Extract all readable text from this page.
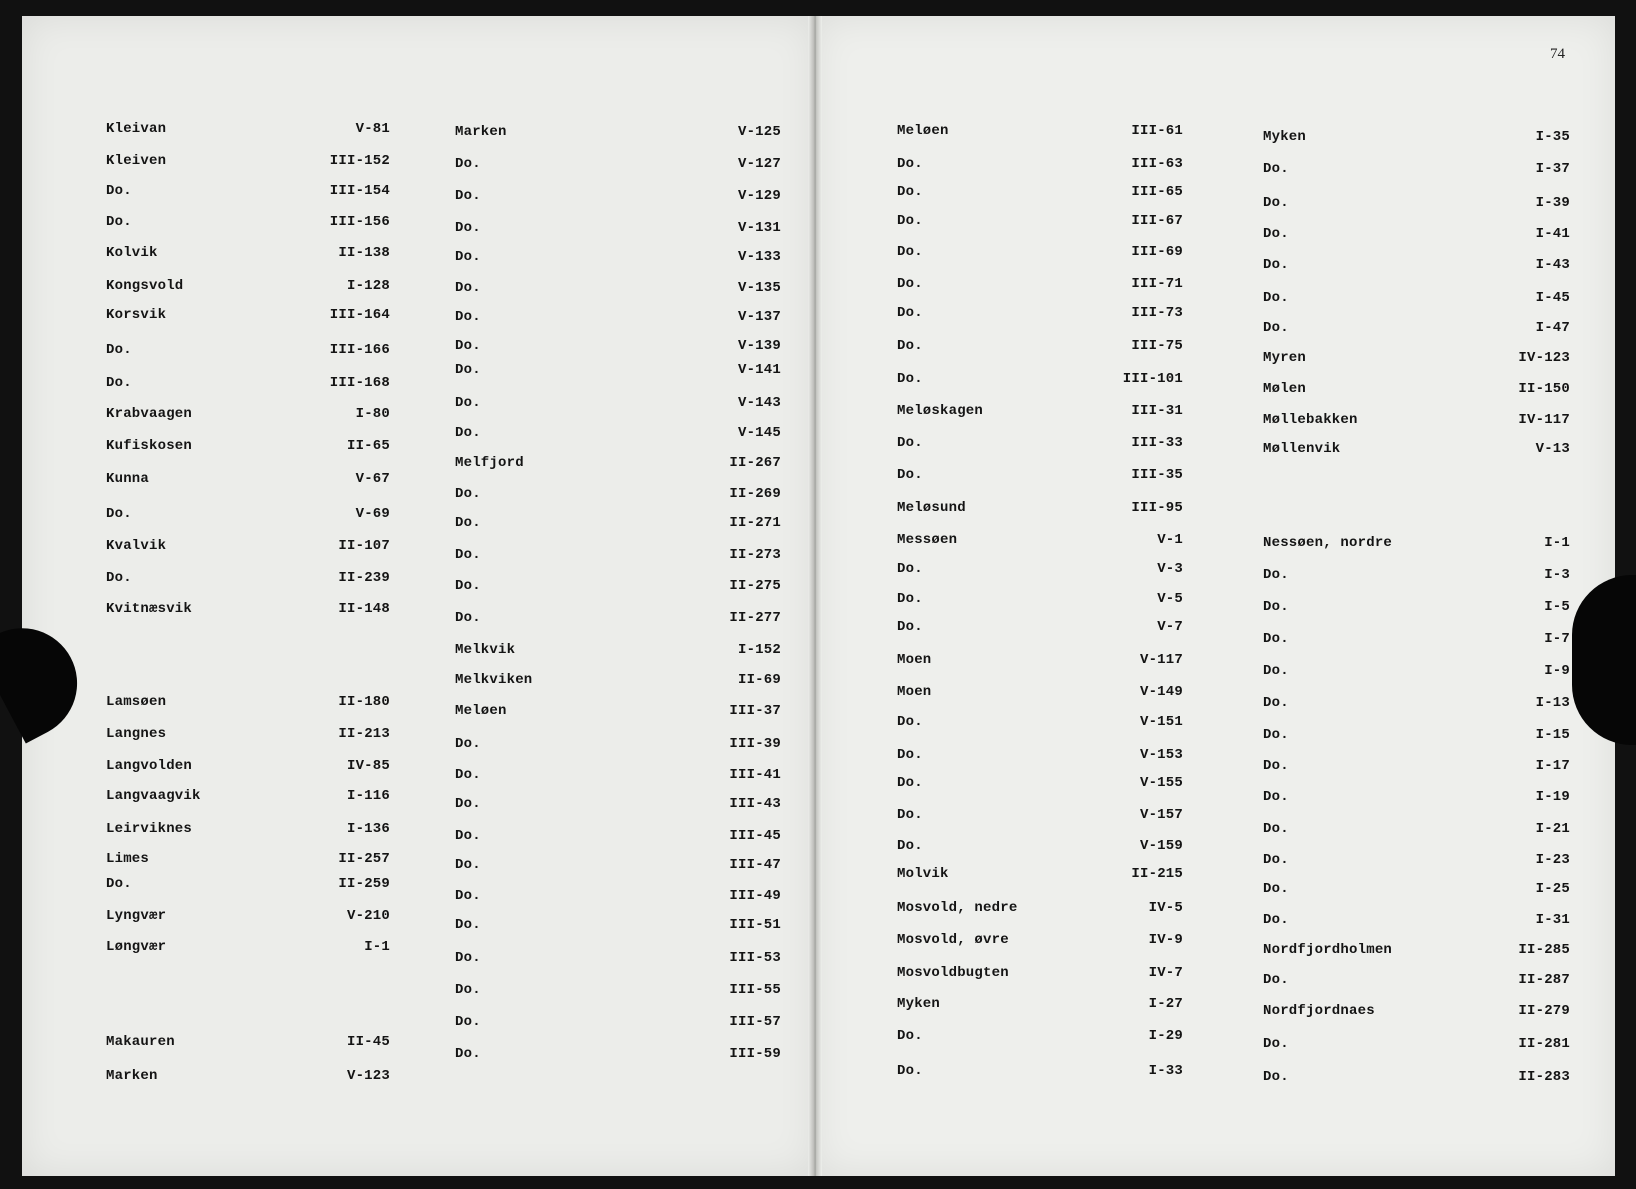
74
Kleivan	V-81
Kleiven	III-152
Do.	III-154
Do.	III-156
Kolvik	II-138
Kongsvold	I-128
Korsvik	III-164
Do.	III-166
Do.	III-168
Krabvaagen	I-80
Kufiskosen	II-65
Kunna	V-67
Do.	V-69
Kvalvik	II-107
Do.	II-239
Kvitnæsvik	II-148
Lamsøen	II-180
Langnes	II-213
Langvolden	IV-85
Langvaagvik	I-116
Leirviknes	I-136
Limes	II-257
Do.	II-259
Lyngvær	V-210
Løngvær	I-1
Makauren	II-45
Marken	V-123
Marken	V-125
Do.	V-127
Do.	V-129
Do.	V-131
Do.	V-133
Do.	V-135
Do.	V-137
Do.	V-139
Do.	V-141
Do.	V-143
Do.	V-145
Melfjord	II-267
Do.	II-269
Do.	II-271
Do.	II-273
Do.	II-275
Do.	II-277
Melkvik	I-152
Melkviken	II-69
Meløen	III-37
Do.	III-39
Do.	III-41
Do.	III-43
Do.	III-45
Do.	III-47
Do.	III-49
Do.	III-51
Do.	III-53
Do.	III-55
Do.	III-57
Do.	III-59
Meløen	III-61
Do.	III-63
Do.	III-65
Do.	III-67
Do.	III-69
Do.	III-71
Do.	III-73
Do.	III-75
Do.	III-101
Meløskagen	III-31
Do.	III-33
Do.	III-35
Meløsund	III-95
Messøen	V-1
Do.	V-3
Do.	V-5
Do.	V-7
Moen	V-117
Moen	V-149
Do.	V-151
Do.	V-153
Do.	V-155
Do.	V-157
Do.	V-159
Molvik	II-215
Mosvold, nedre	IV-5
Mosvold, øvre	IV-9
Mosvoldbugten	IV-7
Myken	I-27
Do.	I-29
Do.	I-33
Myken	I-35
Do.	I-37
Do.	I-39
Do.	I-41
Do.	I-43
Do.	I-45
Do.	I-47
Myren	IV-123
Mølen	II-150
Møllebakken	IV-117
Møllenvik	V-13
Nessøen, nordre	I-1
Do.	I-3
Do.	I-5
Do.	I-7
Do.	I-9
Do.	I-13
Do.	I-15
Do.	I-17
Do.	I-19
Do.	I-21
Do.	I-23
Do.	I-25
Do.	I-31
Nordfjordholmen	II-285
Do.	II-287
Nordfjordnaes	II-279
Do.	II-281
Do.	II-283
